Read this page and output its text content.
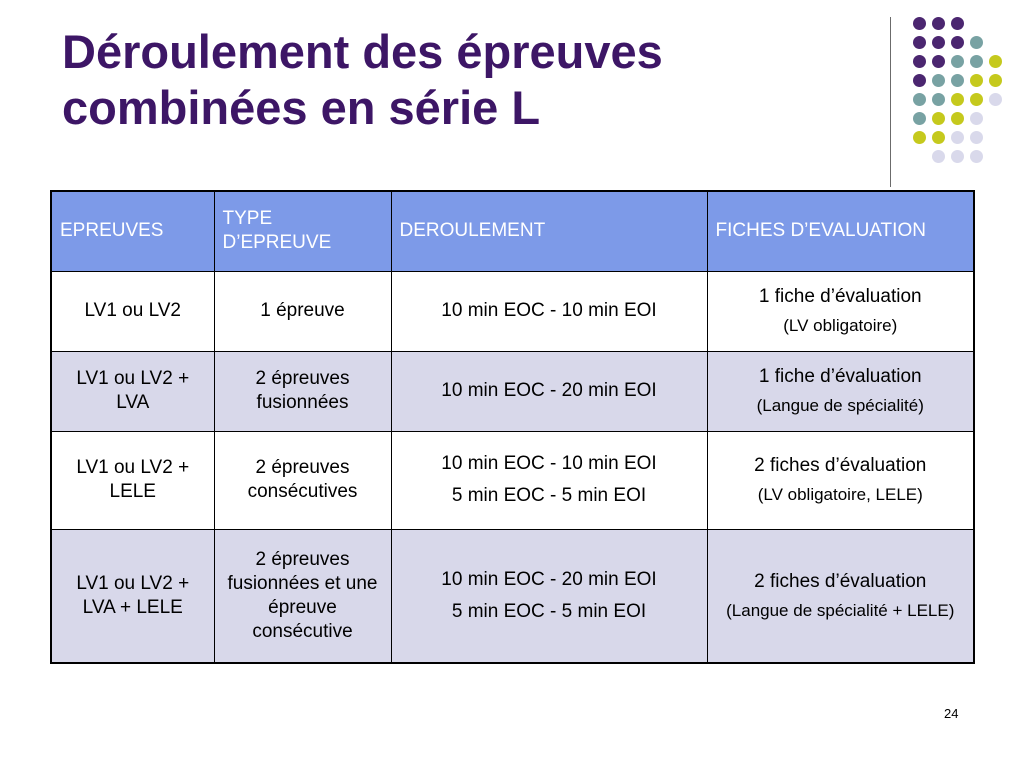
Déroulement des épreuves
combinées en série L
EPREUVES	TYPE D’EPREUVE	DEROULEMENT	FICHES D’EVALUATION
LV1 ou LV2	1 épreuve	10 min EOC - 10 min EOI	1 fiche d’évaluation
(LV obligatoire)

LV1 ou LV2 + LVA	2 épreuves fusionnées	10 min EOC - 20 min EOI	1 fiche d’évaluation
(Langue de spécialité)

LV1 ou LV2 + LELE	2 épreuves consécutives	10 min EOC - 10 min EOI
5 min EOC - 5 min EOI	2 fiches d’évaluation
(LV obligatoire, LELE)

LV1 ou LV2 + LVA + LELE	2 épreuves fusionnées et une épreuve consécutive	10 min EOC - 20 min EOI
5 min EOC - 5 min EOI	2 fiches d’évaluation
(Langue de spécialité + LELE)
24
